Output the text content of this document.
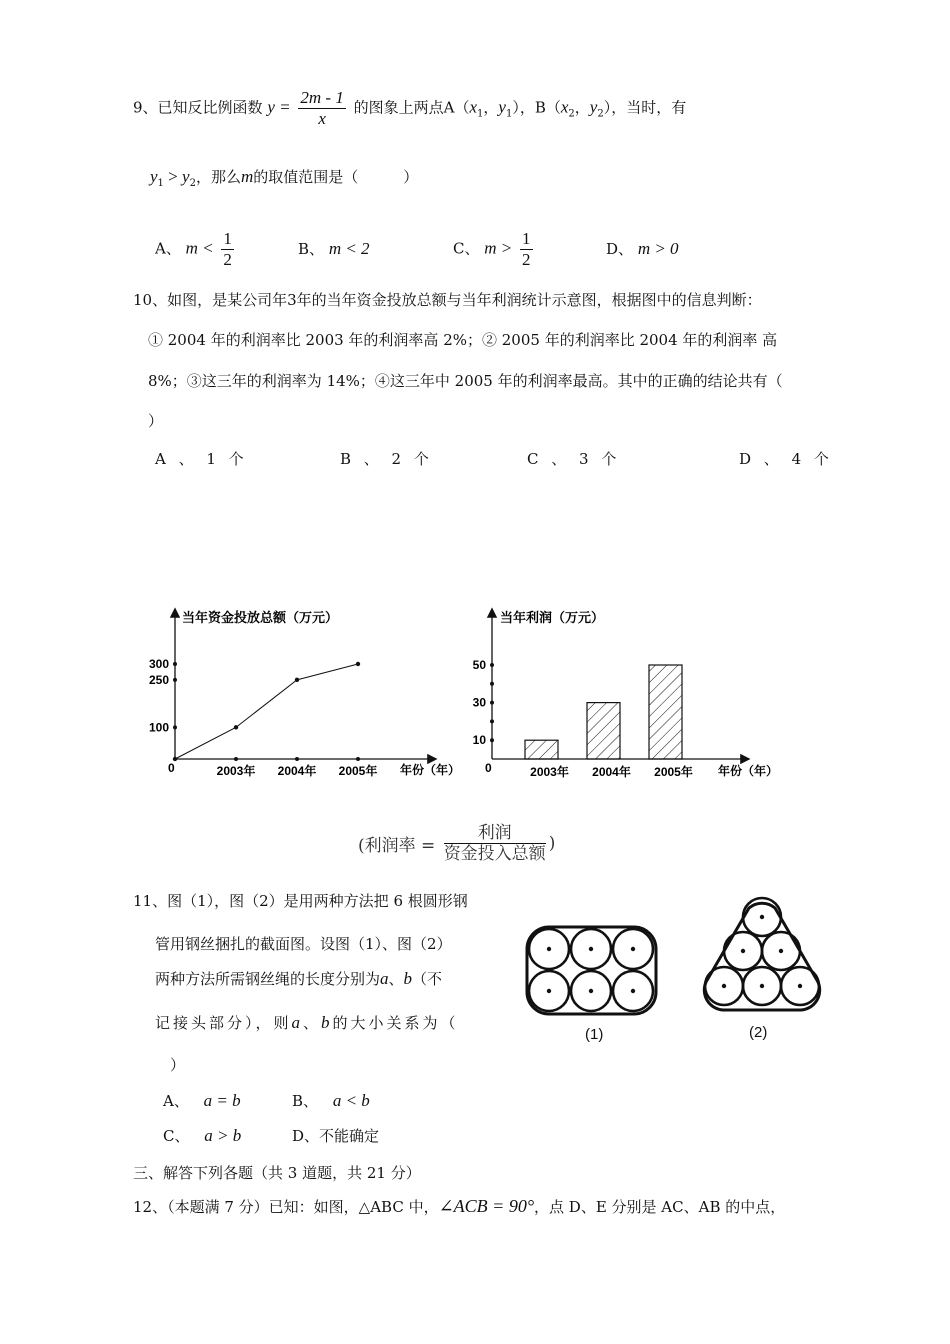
9、已知反比例函数 $y = \frac{2m - 1}{x}$ 的图象上两点$A(x_1$，$y_1$），$B(x_2$，$y_2$），当时，有
$y_1 > y_2$，那么m的取值范围是（　　　）
A、 $m < \frac{1}{2}$	B、 m < 2	C、 $m > \frac{1}{2}$	D、 m > 0
10、如图，是某公司年3年的当年资金投放总额与当年利润统计示意图，根据图中的信息判断：
① 2004 年的利润率比 2003 年的利润率高 2%；② 2005 年的利润率比 2004 年的利润率 高
8%；③这三年的利润率为 14%；④这三年中 2005 年的利润率最高。其中的正确的结论共有（
）
A 、 1 个	B 、 2 个	C 、 3 个	D 、 4 个
当年资金投放总额（万元）
0
100
250
300
2003年 2004年 2005年 年份（年）
当年利润（万元）
0
10
30
50
2003年 2004年 2005年 年份（年）
(利润率 = $\frac{\text{利润}}{\text{资金投入总额}}$ )
11、图（1），图（2）是用两种方法把 6 根圆形钢
管用钢丝捆扎的截面图。设图（1）、图（2）
两种方法所需钢丝绳的长度分别为a、b（不
记接头部分），则a、b的大小关系为（
）
A、 a = b	B、 a < b
C、 a > b	D、不能确定
(1)	(2)
三、解答下列各题（共 3 道题，共 21 分）
12、（本题满 7 分）已知：如图，△ABC 中，∠ACB = 90°，点 D、E 分别是 AC、AB 的中点，
